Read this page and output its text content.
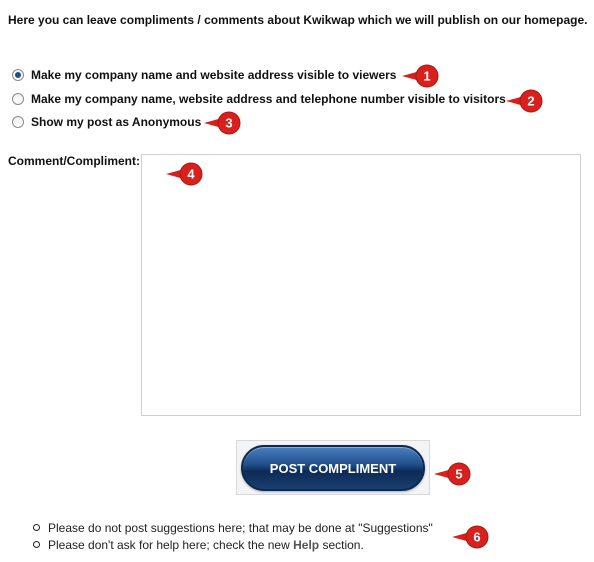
Here you can leave compliments / comments about Kwikwap which we will publish on our homepage.
Make my company name and website address visible to viewers
Make my company name, website address and telephone number visible to visitors
Show my post as Anonymous
Comment/Compliment:
POST COMPLIMENT
Please do not post suggestions here; that may be done at "Suggestions"
Please don't ask for help here; check the new Help section.
1
2
3
4
5
6
